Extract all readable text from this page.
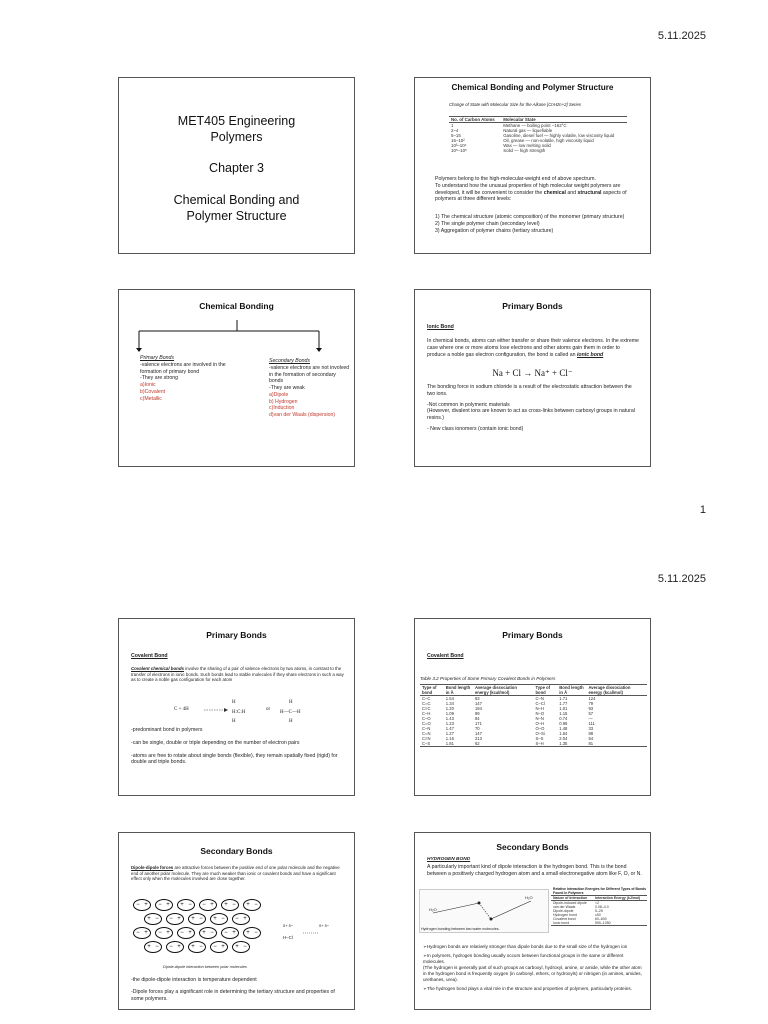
5.11.2025
MET405 Engineering
Polymers
Chapter 3
Chemical Bonding and
Polymer Structure
Chemical Bonding and Polymer Structure
Change of State with Molecular Size for the Alkane [CnH2n+2] Series
No. of Carbon Atoms	Molecular State
1	Methane — boiling point −162°C
2–4	Natural gas — liquefiable
5–15	Gasoline, diesel fuel — highly volatile, low viscosity liquid
16–10²	Oil, grease — non-volatile, high viscosity liquid
10³–10⁴	Wax — low melting solid
10⁵–10⁶	Solid — high strength
Polymers belong to the high-molecular-weight end of above spectrum.
To understand how the unusual properties of high molecular weight polymers are developed, it will be convenient to consider the chemical and structural aspects of polymers at three different levels:
1) The chemical structure (atomic composition) of the monomer (primary structure)
2) The single polymer chain (secondary level)
3) Aggregation of polymer chains (tertiary structure)
Chemical Bonding
Primary Bonds
-valence electrons are involved in the formation of primary bond
-They are strong
a)Ionic
b)Covalent
c)Metallic
Secondary Bonds
-valence electrons are not involved in the formation of secondary bonds
-They are weak
a)Dipole
b) Hydrogen
c)Induction
d)van der Waals (dispersion)
Primary Bonds
Ionic Bond
In chemical bonds, atoms can either transfer or share their valence electrons. In the extreme case where one or more atoms lose electrons and other atoms gain them in order to produce a noble gas electron configuration, the bond is called an ionic bond
Na + Cl → Na⁺ + Cl⁻
The bonding force in sodium chloride is a result of the electrostatic attraction between the two ions.
-Not common in polymeric materials
(However, divalent ions are known to act as cross-links between carboxyl groups in natural resins.)
- New class ionomers (contain ionic bond)
1
5.11.2025
Primary Bonds
Covalent Bond
Covalent chemical bonds involve the sharing of a pair of valence electrons by two atoms, in contrast to the transfer of electrons in ionic bonds. Such bonds lead to stable molecules if they share electrons in such a way as to create a noble gas configuration for each atom
C + 4H
H
H:C:H
H
H
H—C—H
H
or
-predominant bond in polymers
-can be single, double or triple depending on the number of electron pairs
-atoms are free to rotate about single bonds (flexible), they remain spatially fixed (rigid) for double and triple bonds.
Primary Bonds
Covalent Bond
Table 3.2 Properties of Some Primary Covalent Bonds in Polymers
Type of bond	Bond length in Å	Average dissociation energy (kcal/mol)	Type of bond	Bond length in Å	Average dissociation energy (kcal/mol)
C–C	1.54	83	C–N	1.71	124
C=C	1.34	147	C–Cl	1.77	79
C≡C	1.20	194	N–H	1.01	93
C–H	1.09	99	N–O	1.15	57
C–O	1.43	84	N–N	0.74	—
C=O	1.23	171	O–H	0.96	111
C–N	1.47	70	O–O	1.48	33
C=N	1.27	147	O–Si	1.64	88
C≡N	1.16	213	S–S	2.04	54
C–S	1.81	62	S–H	1.35	81
Secondary Bonds
Dipole-dipole forces are attractive forces between the positive end of one polar molecule and the negative end of another polar molecule. They are much weaker than ionic or covalent bonds and have a significant effect only when the molecules involved are close together.
− + − + + − − + + − + −
+ − − + + − + − − +
− + − + − + + − − + + −
+ − − + + − − + + −
Dipole-dipole interaction between polar molecules
δ+ δ−	δ+ δ−
H–Cl
-the dipole-dipole interaction is temperature dependent
-Dipole forces play a significant role in determining the tertiary structure and properties of some polymers.
Secondary Bonds
HYDROGEN BOND
A particularly important kind of dipole interaction is the hydrogen bond. This is the bond between a positively charged hydrogen atom and a small electronegative atom like F, O, or N.
H₂O
H₂O
Hydrogen bonding between two water molecules.
Relative Interaction Energies for Different Types of Bonds Found in Polymers
Nature of interaction	Interaction Energy (kJ/mol)
Dipole-induced dipole	<2
van der Waals	0.08–4.0
Dipole-dipole	5–25
Hydrogen bond	≤50
Covalent bond	60–600
Ionic bond	590–1050
➢Hydrogen bonds are relatively stronger than dipole bonds due to the small size of the hydrogen ion
➢In polymers, hydrogen bonding usually occurs between functional groups in the same or different molecules.
(The hydrogen is generally part of such groups as carboxyl, hydroxyl, amine, or amide, while the other atom in the hydrogen bond is frequently oxygen (in carbonyl, ethers, or hydroxyls) or nitrogen (in amines, amides, urethanes, urea).
➢The hydrogen bond plays a vital role in the structure and properties of polymers, particularly proteins.
